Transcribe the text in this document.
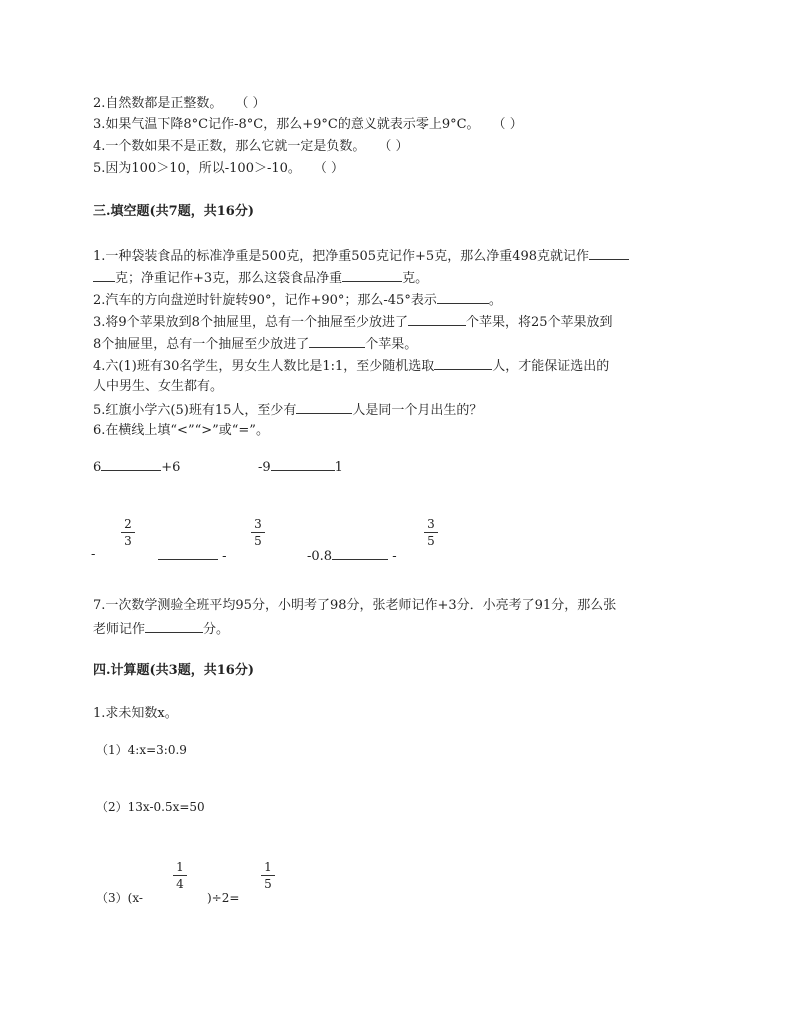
2.自然数都是正整数。　　（ ）
3.如果气温下降8°C记作-8°C，那么+9°C的意义就表示零上9°C。　　（ ）
4.一个数如果不是正数，那么它就一定是负数。　　（ ）
5.因为100＞10，所以-100＞-10。　　（ ）
三.填空题(共7题，共16分)
1.一种袋装食品的标准净重是500克，把净重505克记作+5克，那么净重498克就记作
克；净重记作+3克，那么这袋食品净重	克。
2.汽车的方向盘逆时针旋转90°，记作+90°；那么-45°表示	。
3.将9个苹果放到8个抽屉里，总有一个抽屉至少放进了	个苹果，将25个苹果放到
8个抽屉里，总有一个抽屉至少放进了	个苹果。
4.六(1)班有30名学生，男女生人数比是1:1，至少随机选取	人，才能保证选出的
人中男生、女生都有。
5.红旗小学六(5)班有15人，至少有	人是同一个月出生的？
6.在横线上填“<”“>”或“=”。
6	+6	-9	1
2
3
-	-
3
5
-0.8	-
3
5
7.一次数学测验全班平均95分，小明考了98分，张老师记作+3分．小亮考了91分，那么张
老师记作	分。
四.计算题(共3题，共16分)
1.求未知数x。
（1）4:x=3:0.9
（2）13x-0.5x=50
（3）(x-
1
4
)÷2=
1
5
